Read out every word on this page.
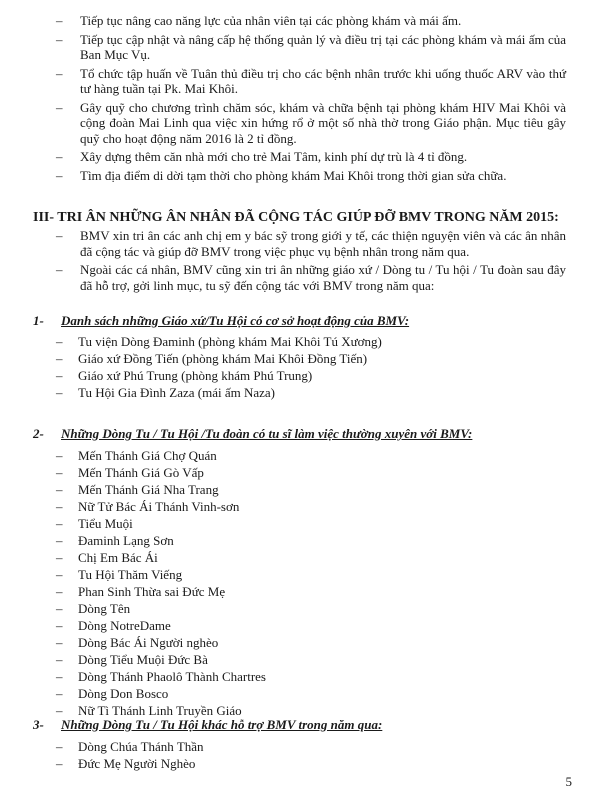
– Tiếp tục nâng cao năng lực của nhân viên tại các phòng khám và mái ấm.
– Tiếp tục cập nhật và nâng cấp hệ thống quản lý và điều trị tại các phòng khám và mái ấm của Ban Mục Vụ.
– Tổ chức tập huấn về Tuân thủ điều trị cho các bệnh nhân trước khi uống thuốc ARV vào thứ tư hàng tuần tại Pk. Mai Khôi.
– Gây quỹ cho chương trình chăm sóc, khám và chữa bệnh tại phòng khám HIV Mai Khôi và cộng đoàn Mai Linh qua việc xin hứng rổ ở một số nhà thờ trong Giáo phận. Mục tiêu gây quỹ cho hoạt động năm 2016 là 2 tỉ đồng.
– Xây dựng thêm căn nhà mới cho trẻ Mai Tâm, kinh phí dự trù là 4 tỉ đồng.
– Tìm địa điểm di dời tạm thời cho phòng khám Mai Khôi trong thời gian sửa chữa.
III- TRI ÂN NHỮNG ÂN NHÂN ĐÃ CỘNG TÁC GIÚP ĐỠ BMV TRONG NĂM 2015:
– BMV xin tri ân các anh chị em y bác sỹ trong giới y tế, các thiện nguyện viên và các ân nhân đã cộng tác và giúp đỡ BMV trong việc phục vụ bệnh nhân trong năm qua.
– Ngoài các cá nhân, BMV cũng xin tri ân những giáo xứ / Dòng tu / Tu hội / Tu đoàn sau đây đã hỗ trợ, gởi linh mục, tu sỹ đến cộng tác với BMV trong năm qua:
1- Danh sách những Giáo xứ/Tu Hội có cơ sở hoạt động của BMV:
– Tu viện Dòng Đaminh (phòng khám Mai Khôi Tú Xương)
– Giáo xứ Đồng Tiến (phòng khám Mai Khôi Đồng Tiến)
– Giáo xứ Phú Trung (phòng khám Phú Trung)
– Tu Hội Gia Đình Zaza (mái ấm Naza)
2- Những Dòng Tu / Tu Hội /Tu đoàn có tu sĩ làm việc thường xuyên với BMV:
– Mến Thánh Giá Chợ Quán
– Mến Thánh Giá Gò Vấp
– Mến Thánh Giá Nha Trang
– Nữ Tử Bác Ái Thánh Vinh-sơn
– Tiểu Muội
– Đaminh Lạng Sơn
– Chị Em Bác Ái
– Tu Hội Thăm Viếng
– Phan Sinh Thừa sai Đức Mẹ
– Dòng Tên
– Dòng NotreDame
– Dòng Bác Ái Người nghèo
– Dòng Tiểu Muội Đức Bà
– Dòng Thánh Phaolô Thành Chartres
– Dòng Don Bosco
– Nữ Tì Thánh Linh Truyền Giáo
3- Những Dòng Tu / Tu Hội khác hỗ trợ BMV trong năm qua:
– Dòng Chúa Thánh Thần
– Đức Mẹ Người Nghèo
5
